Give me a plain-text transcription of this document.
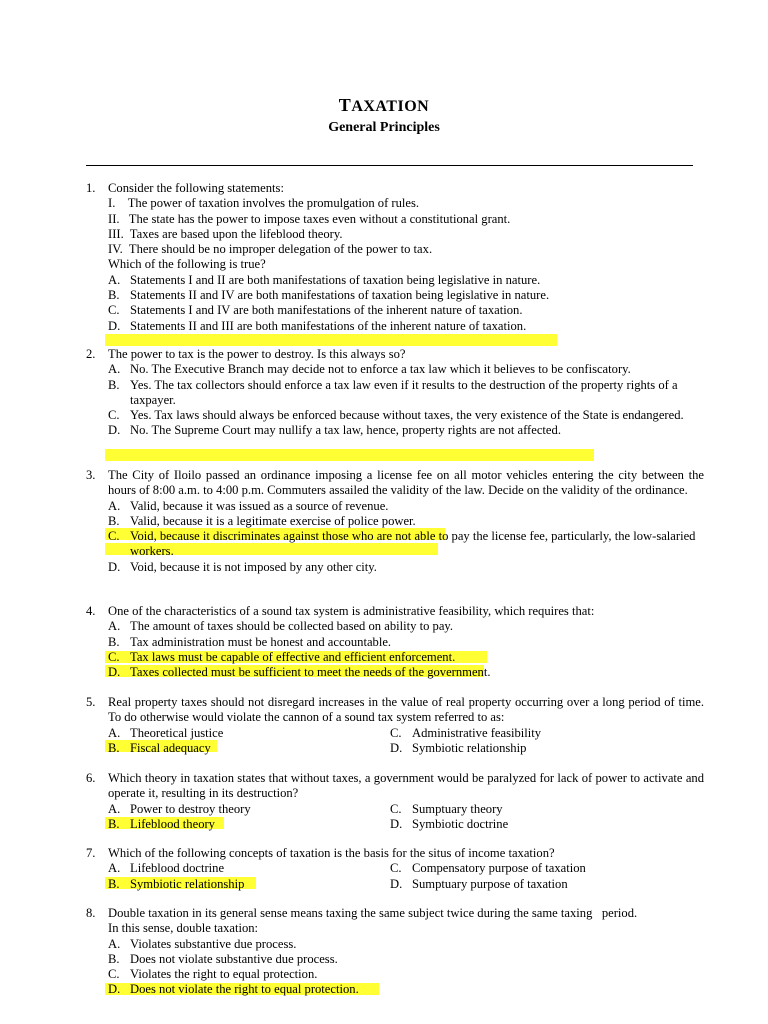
TAXATION
General Principles
1. Consider the following statements:
I.    The power of taxation involves the promulgation of rules.
II.   The state has the power to impose taxes even without a constitutional grant.
III.  Taxes are based upon the lifeblood theory.
IV.  There should be no improper delegation of the power to tax.
Which of the following is true?
A. Statements I and II are both manifestations of taxation being legislative in nature.
B. Statements II and IV are both manifestations of taxation being legislative in nature.
C. Statements I and IV are both manifestations of the inherent nature of taxation.
D. Statements II and III are both manifestations of the inherent nature of taxation.
2. The power to tax is the power to destroy. Is this always so?
A. No. The Executive Branch may decide not to enforce a tax law which it believes to be confiscatory.
B. Yes. The tax collectors should enforce a tax law even if it results to the destruction of the property rights of a taxpayer.
C. Yes. Tax laws should always be enforced because without taxes, the very existence of the State is endangered.
D. No. The Supreme Court may nullify a tax law, hence, property rights are not affected.
3. The City of Iloilo passed an ordinance imposing a license fee on all motor vehicles entering the city between the hours of 8:00 a.m. to 4:00 p.m. Commuters assailed the validity of the law. Decide on the validity of the ordinance.
A. Valid, because it was issued as a source of revenue.
B. Valid, because it is a legitimate exercise of police power.
C. Void, because it discriminates against those who are not able to pay the license fee, particularly, the low-salaried workers.
D. Void, because it is not imposed by any other city.
4. One of the characteristics of a sound tax system is administrative feasibility, which requires that:
A. The amount of taxes should be collected based on ability to pay.
B. Tax administration must be honest and accountable.
C. Tax laws must be capable of effective and efficient enforcement.
D. Taxes collected must be sufficient to meet the needs of the government.
5. Real property taxes should not disregard increases in the value of real property occurring over a long period of time. To do otherwise would violate the cannon of a sound tax system referred to as:
A. Theoretical justice	C. Administrative feasibility
B. Fiscal adequacy	D. Symbiotic relationship
6. Which theory in taxation states that without taxes, a government would be paralyzed for lack of power to activate and operate it, resulting in its destruction?
A. Power to destroy theory	C. Sumptuary theory
B. Lifeblood theory	D. Symbiotic doctrine
7. Which of the following concepts of taxation is the basis for the situs of income taxation?
A. Lifeblood doctrine	C. Compensatory purpose of taxation
B. Symbiotic relationship	D. Sumptuary purpose of taxation
8. Double taxation in its general sense means taxing the same subject twice during the same taxing   period.
In this sense, double taxation:
A. Violates substantive due process.
B. Does not violate substantive due process.
C. Violates the right to equal protection.
D. Does not violate the right to equal protection.
